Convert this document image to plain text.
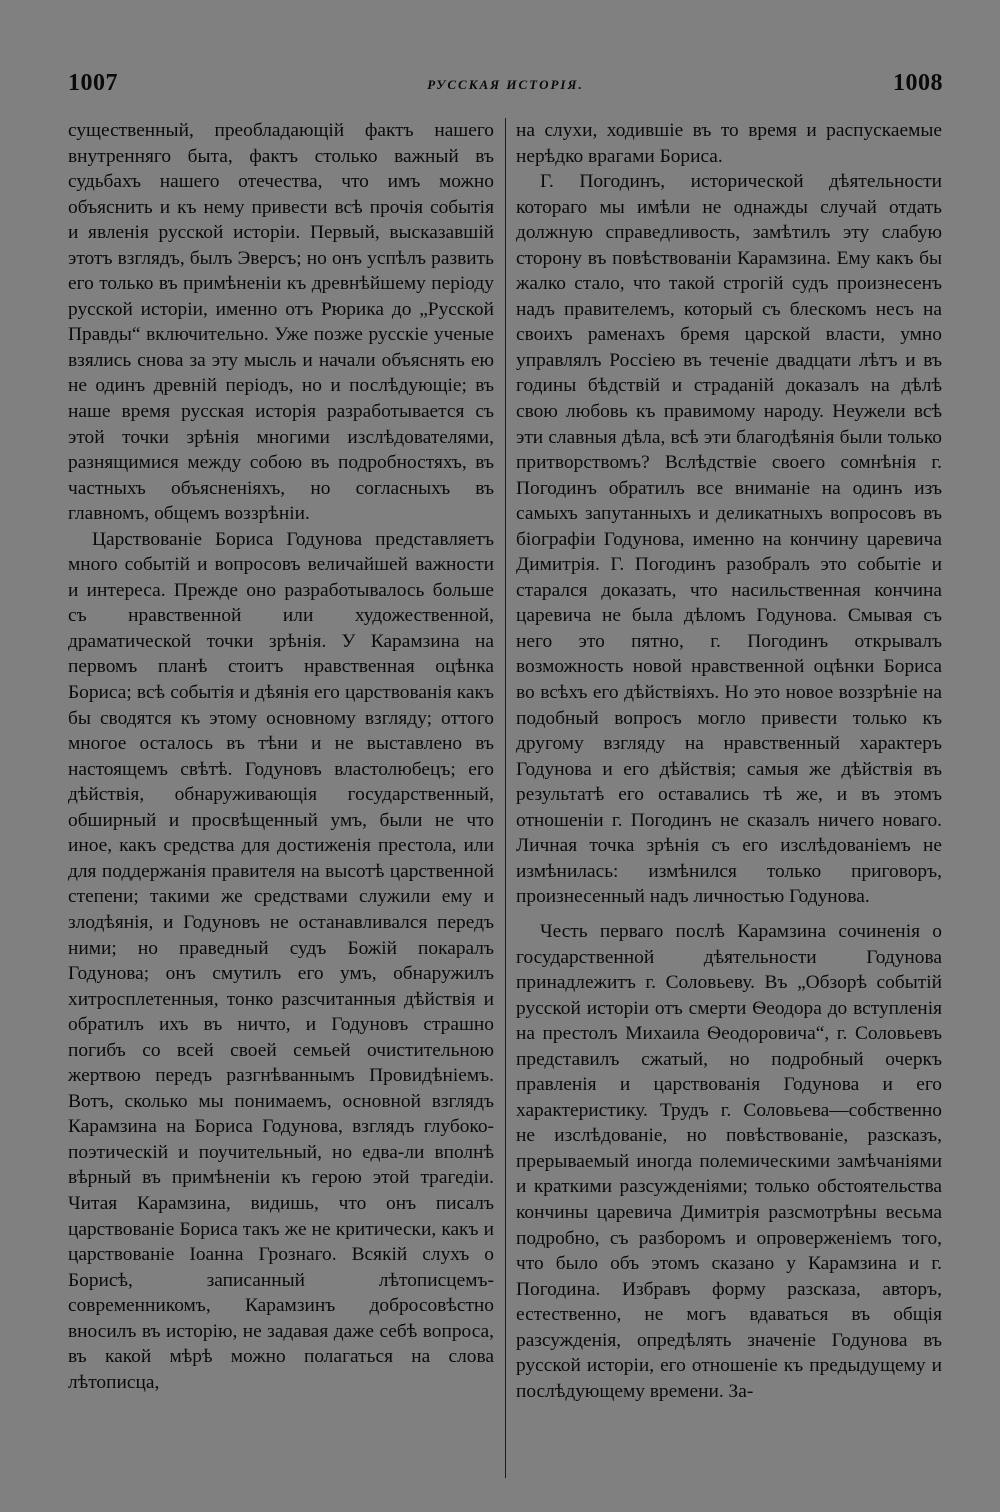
1007	РУССКАЯ ИСТОРІЯ.	1008

существенный, преобладающій фактъ нашего внутренняго быта, фактъ столько важный въ судьбахъ нашего отечества, что имъ можно объяснить и къ нему привести всѣ прочія событія и явленія русской исторіи. Первый, высказавшій этотъ взглядъ, былъ Эверсъ; но онъ успѣлъ развить его только въ примѣненіи къ древнѣйшему періоду русской исторіи, именно отъ Рюрика до „Русской Правды“ включительно. Уже позже русскіе ученые взялись снова за эту мысль и начали объяснять ею не одинъ древній періодъ, но и послѣдующіе; въ наше время русская исторія разработывается съ этой точки зрѣнія многими изслѣдователями, разнящимися между собою въ подробностяхъ, въ частныхъ объясненіяхъ, но согласныхъ въ главномъ, общемъ воззрѣніи.

Царствованіе Бориса Годунова представляетъ много событій и вопросовъ величайшей важности и интереса. Прежде оно разработывалось больше съ нравственной или художественной, драматической точки зрѣнія. У Карамзина на первомъ планѣ стоитъ нравственная оцѣнка Бориса; всѣ событія и дѣянія его царствованія какъ бы сводятся къ этому основному взгляду; оттого многое осталось въ тѣни и не выставлено въ настоящемъ свѣтѣ. Годуновъ властолюбецъ; его дѣйствія, обнаруживающія государственный, обширный и просвѣщенный умъ, были не что иное, какъ средства для достиженія престола, или для поддержанія правителя на высотѣ царственной степени; такими же средствами служили ему и злодѣянія, и Годуновъ не останавливался передъ ними; но праведный судъ Божій покаралъ Годунова; онъ смутилъ его умъ, обнаружилъ хитросплетенныя, тонко разсчитанныя дѣйствія и обратилъ ихъ въ ничто, и Годуновъ страшно погибъ со всей своей семьей очистительною жертвою передъ разгнѣваннымъ Провидѣніемъ. Вотъ, сколько мы понимаемъ, основной взглядъ Карамзина на Бориса Годунова, взглядъ глубоко-поэтическій и поучительный, но едва-ли вполнѣ вѣрный въ примѣненіи къ герою этой трагедіи. Читая Карамзина, видишь, что онъ писалъ царствованіе Бориса такъ же не критически, какъ и царствованіе Іоанна Грознаго. Всякій слухъ о Борисѣ, записанный лѣтописцемъ-современникомъ, Карамзинъ добросовѣстно вносилъ въ исторію, не задавая даже себѣ вопроса, въ какой мѣрѣ можно полагаться на слова лѣтописца,

на слухи, ходившіе въ то время и распускаемые нерѣдко врагами Бориса.

Г. Погодинъ, исторической дѣятельности котораго мы имѣли не однажды случай отдать должную справедливость, замѣтилъ эту слабую сторону въ повѣствованіи Карамзина. Ему какъ бы жалко стало, что такой строгій судъ произнесенъ надъ правителемъ, который съ блескомъ несъ на своихъ раменахъ бремя царской власти, умно управлялъ Россіею въ теченіе двадцати лѣтъ и въ годины бѣдствій и страданій доказалъ на дѣлѣ свою любовь къ правимому народу. Неужели всѣ эти славныя дѣла, всѣ эти благодѣянія были только притворствомъ? Вслѣдствіе своего сомнѣнія г. Погодинъ обратилъ все вниманіе на одинъ изъ самыхъ запутанныхъ и деликатныхъ вопросовъ въ біографіи Годунова, именно на кончину царевича Димитрія. Г. Погодинъ разобралъ это событіе и старался доказать, что насильственная кончина царевича не была дѣломъ Годунова. Смывая съ него это пятно, г. Погодинъ открывалъ возможность новой нравственной оцѣнки Бориса во всѣхъ его дѣйствіяхъ. Но это новое воззрѣніе на подобный вопросъ могло привести только къ другому взгляду на нравственный характеръ Годунова и его дѣйствія; самыя же дѣйствія въ результатѣ его оставались тѣ же, и въ этомъ отношеніи г. Погодинъ не сказалъ ничего новаго. Личная точка зрѣнія съ его изслѣдованіемъ не измѣнилась: измѣнился только приговоръ, произнесенный надъ личностью Годунова.

Честь перваго послѣ Карамзина сочиненія о государственной дѣятельности Годунова принадлежитъ г. Соловьеву. Въ „Обзорѣ событій русской исторіи отъ смерти Ѳеодора до вступленія на престолъ Михаила Ѳеодоровича“, г. Соловьевъ представилъ сжатый, но подробный очеркъ правленія и царствованія Годунова и его характеристику. Трудъ г. Соловьева—собственно не изслѣдованіе, но повѣствованіе, разсказъ, прерываемый иногда полемическими замѣчаніями и краткими разсужденіями; только обстоятельства кончины царевича Димитрія разсмотрѣны весьма подробно, съ разборомъ и опроверженіемъ того, что было объ этомъ сказано у Карамзина и г. Погодина. Избравъ форму разсказа, авторъ, естественно, не могъ вдаваться въ общія разсужденія, опредѣлять значеніе Годунова въ русской исторіи, его отношеніе къ предыдущему и послѣдующему времени. За-
